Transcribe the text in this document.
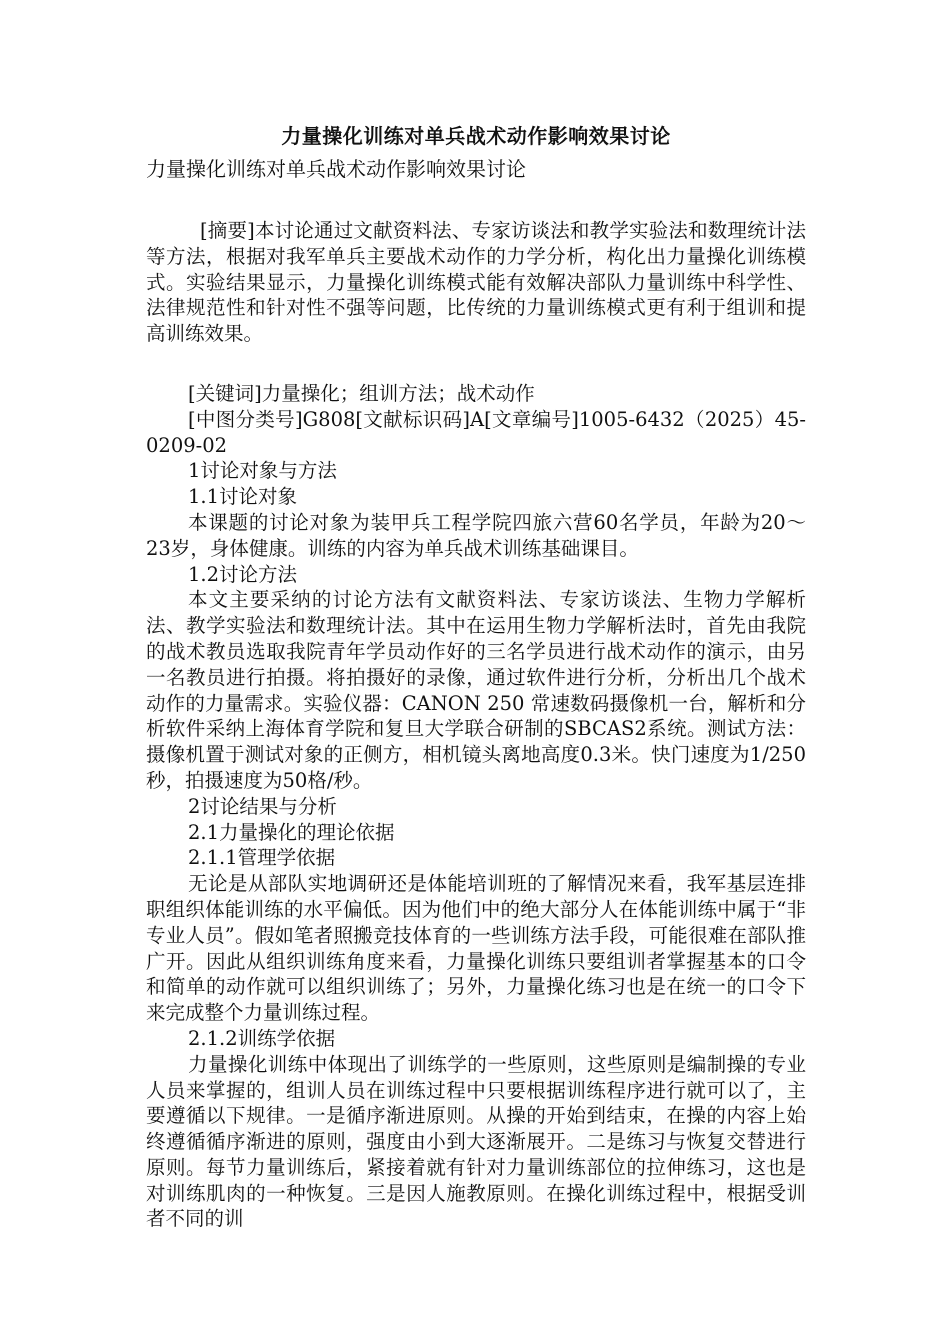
力量操化训练对单兵战术动作影响效果讨论
力量操化训练对单兵战术动作影响效果讨论

[摘要]本讨论通过文献资料法、专家访谈法和教学实验法和数理统计法等方法，根据对我军单兵主要战术动作的力学分析，构化出力量操化训练模式。实验结果显示，力量操化训练模式能有效解决部队力量训练中科学性、法律规范性和针对性不强等问题，比传统的力量训练模式更有利于组训和提高训练效果。

[关键词]力量操化；组训方法；战术动作

[中图分类号]G808[文献标识码]A[文章编号]1005-6432（2025）45-0209-02

1讨论对象与方法

1.1讨论对象

本课题的讨论对象为装甲兵工程学院四旅六营60名学员，年龄为20～23岁，身体健康。训练的内容为单兵战术训练基础课目。

1.2讨论方法

本文主要采纳的讨论方法有文献资料法、专家访谈法、生物力学解析法、教学实验法和数理统计法。其中在运用生物力学解析法时，首先由我院的战术教员选取我院青年学员动作好的三名学员进行战术动作的演示，由另一名教员进行拍摄。将拍摄好的录像，通过软件进行分析，分析出几个战术动作的力量需求。实验仪器：CANON 250 常速数码摄像机一台，解析和分析软件采纳上海体育学院和复旦大学联合研制的SBCAS2系统。测试方法：摄像机置于测试对象的正侧方，相机镜头离地高度0.3米。快门速度为1/250秒，拍摄速度为50格/秒。

2讨论结果与分析

2.1力量操化的理论依据

2.1.1管理学依据

无论是从部队实地调研还是体能培训班的了解情况来看，我军基层连排职组织体能训练的水平偏低。因为他们中的绝大部分人在体能训练中属于“非专业人员”。假如笔者照搬竞技体育的一些训练方法手段，可能很难在部队推广开。因此从组织训练角度来看，力量操化训练只要组训者掌握基本的口令和简单的动作就可以组织训练了；另外，力量操化练习也是在统一的口令下来完成整个力量训练过程。

2.1.2训练学依据

力量操化训练中体现出了训练学的一些原则，这些原则是编制操的专业人员来掌握的，组训人员在训练过程中只要根据训练程序进行就可以了，主要遵循以下规律。一是循序渐进原则。从操的开始到结束，在操的内容上始终遵循循序渐进的原则，强度由小到大逐渐展开。二是练习与恢复交替进行原则。每节力量训练后，紧接着就有针对力量训练部位的拉伸练习，这也是对训练肌肉的一种恢复。三是因人施教原则。在操化训练过程中，根据受训者不同的训
